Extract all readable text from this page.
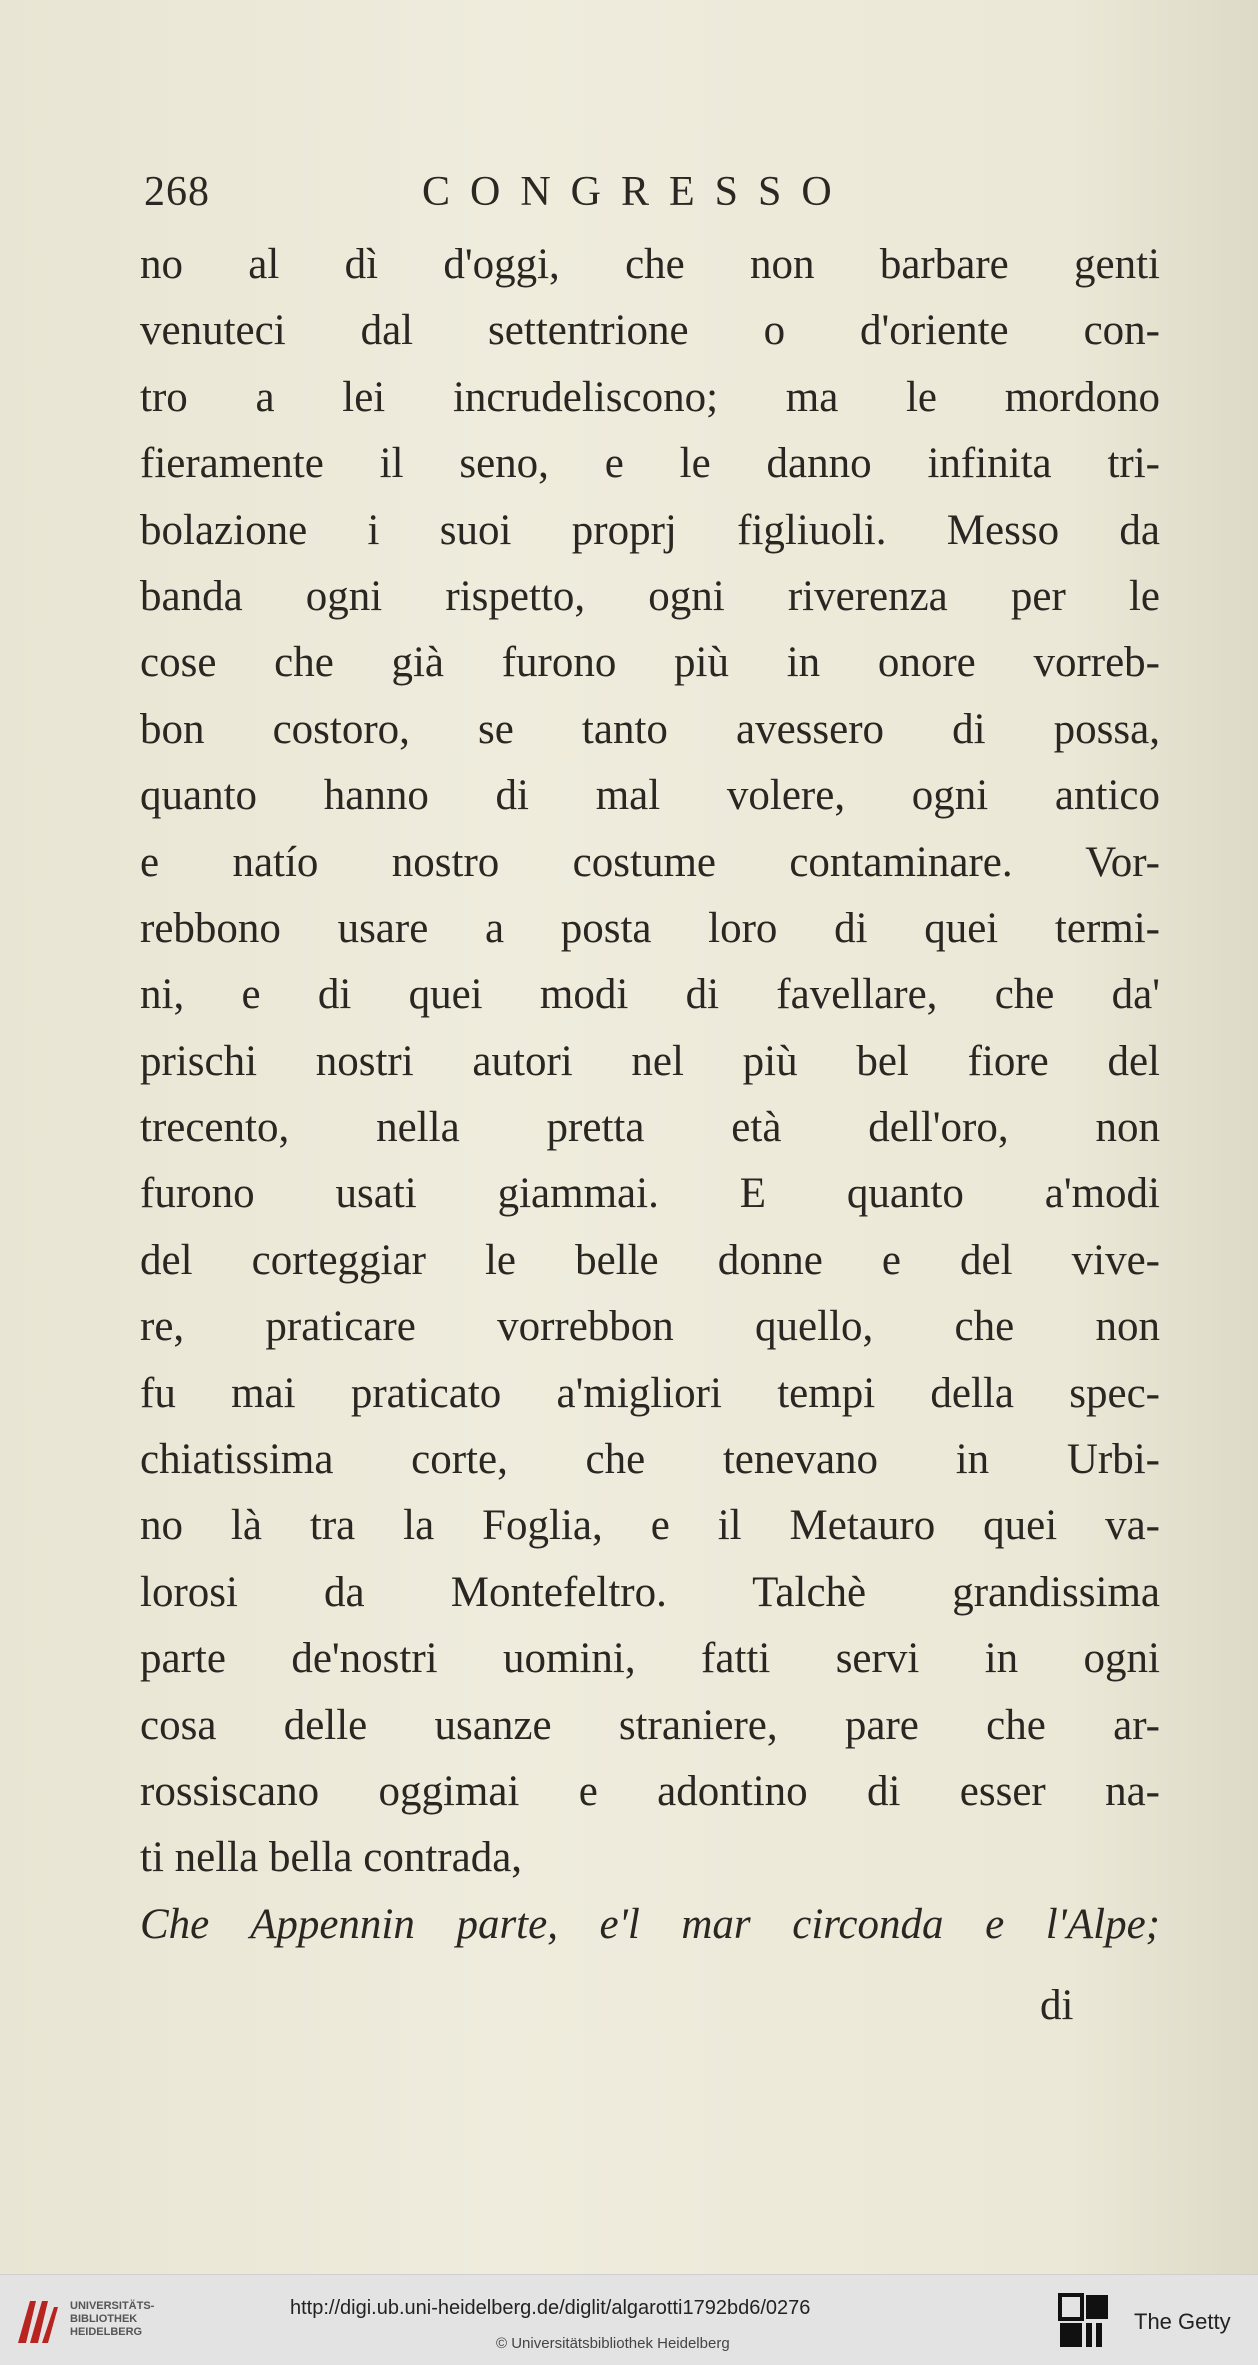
268	CONGRESSO
no al dì d'oggi, che non barbare genti
venuteci dal settentrione o d'oriente con-
tro a lei incrudeliscono; ma le mordono
fieramente il seno, e le danno infinita tri-
bolazione i suoi proprj figliuoli. Messo da
banda ogni rispetto, ogni riverenza per le
cose che già furono più in onore vorreb-
bon costoro, se tanto avessero di possa,
quanto hanno di mal volere, ogni antico
e natío nostro costume contaminare. Vor-
rebbono usare a posta loro di quei termi-
ni, e di quei modi di favellare, che da'
prischi nostri autori nel più bel fiore del
trecento, nella pretta età dell'oro, non
furono usati giammai. E quanto a'modi
del corteggiar le belle donne e del vive-
re, praticare vorrebbon quello, che non
fu mai praticato a'migliori tempi della spec-
chiatissima corte, che tenevano in Urbi-
no là tra la Foglia, e il Metauro quei va-
lorosi da Montefeltro. Talchè grandissima
parte de'nostri uomini, fatti servi in ogni
cosa delle usanze straniere, pare che ar-
rossiscano oggimai e adontino di esser na-
ti nella bella contrada,
Che Appennin parte, e'l mar circonda e l'Alpe;
di
UNIVERSITÄTS-
BIBLIOTHEK
HEIDELBERG
http://digi.ub.uni-heidelberg.de/diglit/algarotti1792bd6/0276
© Universitätsbibliothek Heidelberg
The Getty
